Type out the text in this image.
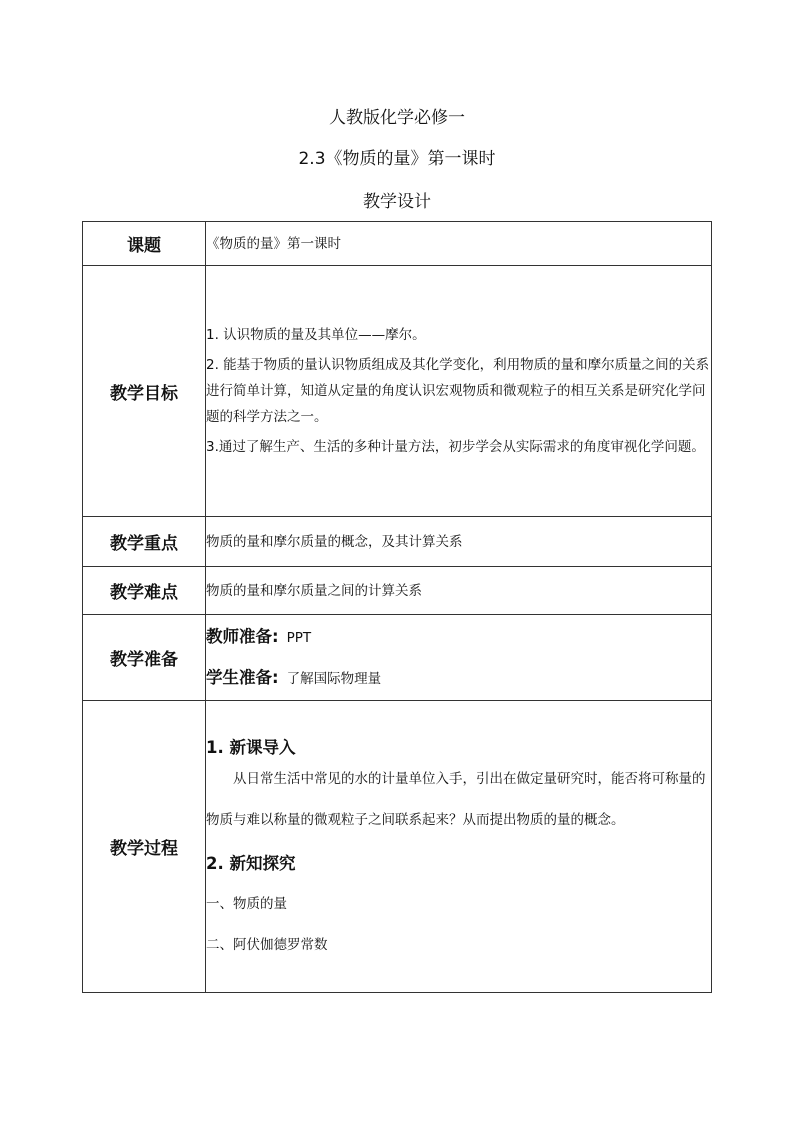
人教版化学必修一
2.3《物质的量》第一课时
教学设计
课题	《物质的量》第一课时
教学目标	1. 认识物质的量及其单位——摩尔。

2. 能基于物质的量认识物质组成及其化学变化，利用物质的量和摩尔质量之间的关系进行简单计算，知道从定量的角度认识宏观物质和微观粒子的相互关系是研究化学问题的科学方法之一。

3.通过了解生产、生活的多种计量方法，初步学会从实际需求的角度审视化学问题。

教学重点	物质的量和摩尔质量的概念，及其计算关系
教学难点	物质的量和摩尔质量之间的计算关系
教学准备	教师准备: PPT
学生准备: 了解国际物理量

教学过程	1. 新课导入

从日常生活中常见的水的计量单位入手，引出在做定量研究时，能否将可称量的物质与难以称量的微观粒子之间联系起来？从而提出物质的量的概念。

2. 新知探究

一、物质的量

二、阿伏伽德罗常数
